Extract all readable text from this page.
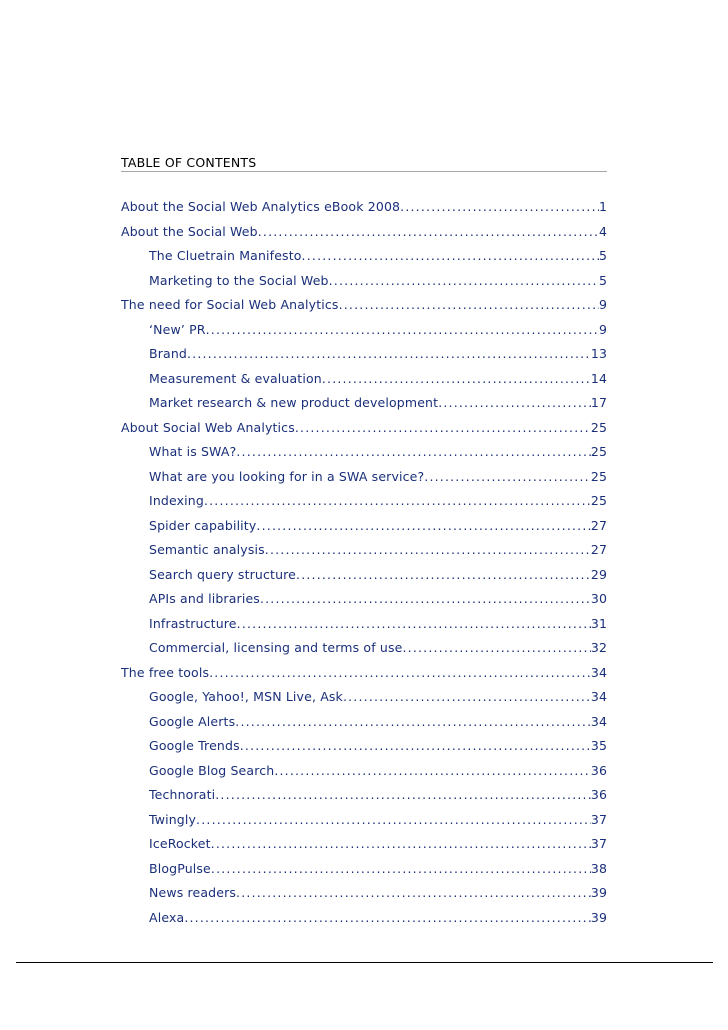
TABLE OF CONTENTS
About the Social Web Analytics eBook 2008 .....	1
About the Social Web .....	4
The Cluetrain Manifesto .....	5
Marketing to the Social Web .....	5
The need for Social Web Analytics .....	9
‘New’ PR .....	9
Brand .....	13
Measurement & evaluation .....	14
Market research & new product development .....	17
About Social Web Analytics .....	25
What is SWA? .....	25
What are you looking for in a SWA service? .....	25
Indexing .....	25
Spider capability .....	27
Semantic analysis .....	27
Search query structure .....	29
APIs and libraries .....	30
Infrastructure .....	31
Commercial, licensing and terms of use .....	32
The free tools .....	34
Google, Yahoo!, MSN Live, Ask .....	34
Google Alerts .....	34
Google Trends .....	35
Google Blog Search .....	36
Technorati .....	36
Twingly .....	37
IceRocket .....	37
BlogPulse .....	38
News readers .....	39
Alexa .....	39
